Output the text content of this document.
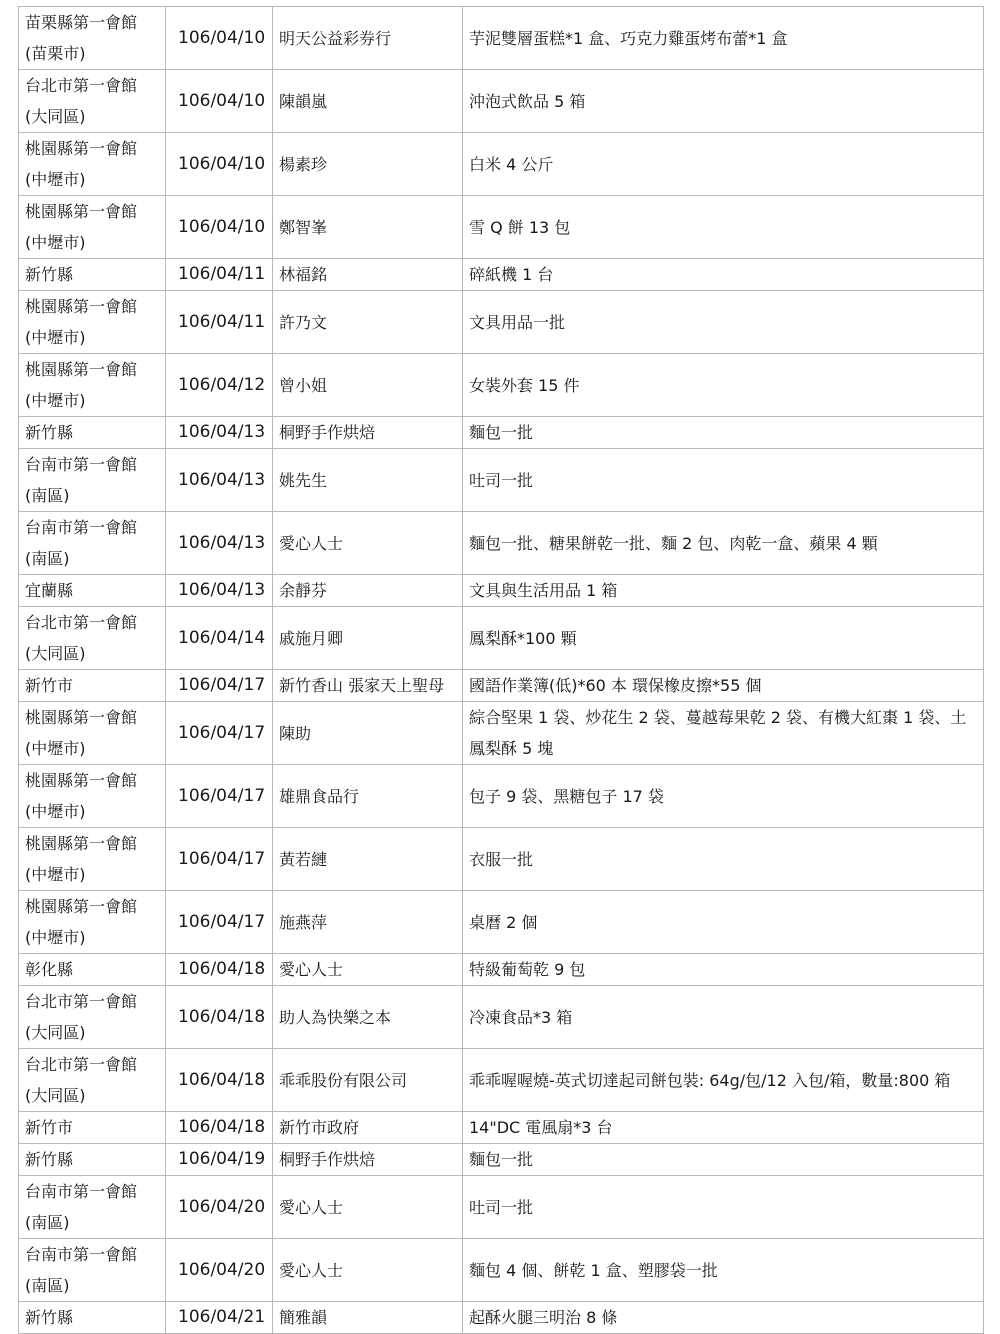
苗栗縣第一會館
(苗栗市)	106/04/10	明天公益彩券行	芋泥雙層蛋糕*1 盒、巧克力雞蛋烤布蕾*1 盒
台北市第一會館
(大同區)	106/04/10	陳韻嵐	沖泡式飲品 5 箱
桃園縣第一會館
(中壢市)	106/04/10	楊素珍	白米 4 公斤
桃園縣第一會館
(中壢市)	106/04/10	鄭智峯	雪 Q 餅 13 包
新竹縣	106/04/11	林福銘	碎紙機 1 台
桃園縣第一會館
(中壢市)	106/04/11	許乃文	文具用品一批
桃園縣第一會館
(中壢市)	106/04/12	曾小姐	女裝外套 15 件
新竹縣	106/04/13	桐野手作烘焙	麵包一批
台南市第一會館
(南區)	106/04/13	姚先生	吐司一批
台南市第一會館
(南區)	106/04/13	愛心人士	麵包一批、糖果餅乾一批、麵 2 包、肉乾一盒、蘋果 4 顆
宜蘭縣	106/04/13	余靜芬	文具與生活用品 1 箱
台北市第一會館
(大同區)	106/04/14	戚施月卿	鳳梨酥*100 顆
新竹市	106/04/17	新竹香山 張家天上聖母	國語作業簿(低)*60 本 環保橡皮擦*55 個
桃園縣第一會館
(中壢市)	106/04/17	陳助	綜合堅果 1 袋、炒花生 2 袋、蔓越莓果乾 2 袋、有機大紅棗 1 袋、土鳳梨酥 5 塊
桃園縣第一會館
(中壢市)	106/04/17	雄鼎食品行	包子 9 袋、黑糖包子 17 袋
桃園縣第一會館
(中壢市)	106/04/17	黃若縺	衣服一批
桃園縣第一會館
(中壢市)	106/04/17	施燕萍	桌曆 2 個
彰化縣	106/04/18	愛心人士	特級葡萄乾 9 包
台北市第一會館
(大同區)	106/04/18	助人為快樂之本	冷凍食品*3 箱
台北市第一會館
(大同區)	106/04/18	乖乖股份有限公司	乖乖喔喔燒-英式切達起司餅包裝: 64g/包/12 入包/箱，數量:800 箱
新竹市	106/04/18	新竹市政府	14"DC 電風扇*3 台
新竹縣	106/04/19	桐野手作烘焙	麵包一批
台南市第一會館
(南區)	106/04/20	愛心人士	吐司一批
台南市第一會館
(南區)	106/04/20	愛心人士	麵包 4 個、餅乾 1 盒、塑膠袋一批
新竹縣	106/04/21	簡雅韻	起酥火腿三明治 8 條
